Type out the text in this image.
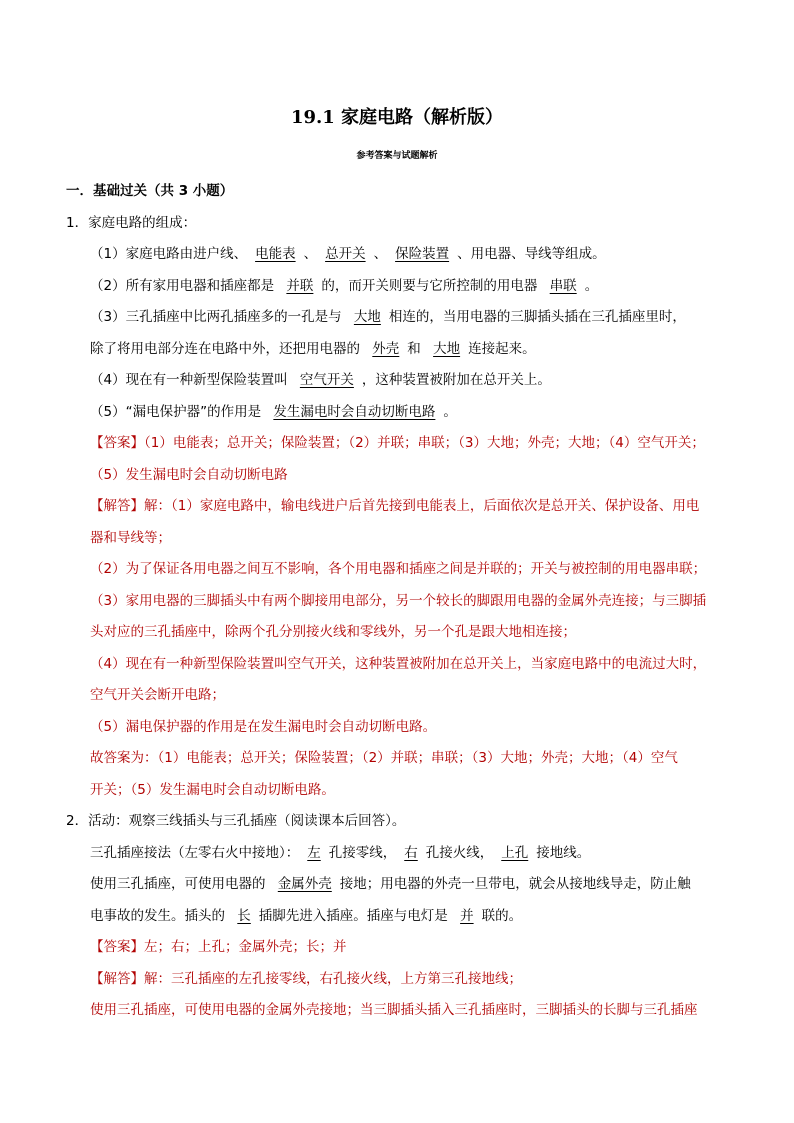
19.1 家庭电路（解析版）
参考答案与试题解析
一．基础过关（共 3 小题）
1．家庭电路的组成：
（1）家庭电路由进户线、 电能表 、 总开关 、 保险装置 、用电器、导线等组成。
（2）所有家用电器和插座都是 并联 的，而开关则要与它所控制的用电器 串联 。
（3）三孔插座中比两孔插座多的一孔是与 大地 相连的，当用电器的三脚插头插在三孔插座里时，
除了将用电部分连在电路中外，还把用电器的 外壳 和 大地 连接起来。
（4）现在有一种新型保险装置叫 空气开关 ，这种装置被附加在总开关上。
（5）“漏电保护器”的作用是 发生漏电时会自动切断电路 。
【答案】（1）电能表；总开关；保险装置；（2）并联；串联；（3）大地；外壳；大地；（4）空气开关；
（5）发生漏电时会自动切断电路
【解答】解：（1）家庭电路中，输电线进户后首先接到电能表上，后面依次是总开关、保护设备、用电
器和导线等；
（2）为了保证各用电器之间互不影响，各个用电器和插座之间是并联的；开关与被控制的用电器串联；
（3）家用电器的三脚插头中有两个脚接用电部分，另一个较长的脚跟用电器的金属外壳连接；与三脚插
头对应的三孔插座中，除两个孔分别接火线和零线外，另一个孔是跟大地相连接；
（4）现在有一种新型保险装置叫空气开关，这种装置被附加在总开关上，当家庭电路中的电流过大时，
空气开关会断开电路；
（5）漏电保护器的作用是在发生漏电时会自动切断电路。
故答案为：（1）电能表；总开关；保险装置；（2）并联；串联；（3）大地；外壳；大地；（4）空气
开关；（5）发生漏电时会自动切断电路。
2．活动：观察三线插头与三孔插座（阅读课本后回答）。
三孔插座接法（左零右火中接地）： 左 孔接零线， 右 孔接火线， 上孔 接地线。
使用三孔插座，可使用电器的 金属外壳 接地；用电器的外壳一旦带电，就会从接地线导走，防止触
电事故的发生。插头的 长 插脚先进入插座。插座与电灯是 并 联的。
【答案】左；右；上孔；金属外壳；长；并
【解答】解：三孔插座的左孔接零线，右孔接火线，上方第三孔接地线；
使用三孔插座，可使用电器的金属外壳接地；当三脚插头插入三孔插座时，三脚插头的长脚与三孔插座
